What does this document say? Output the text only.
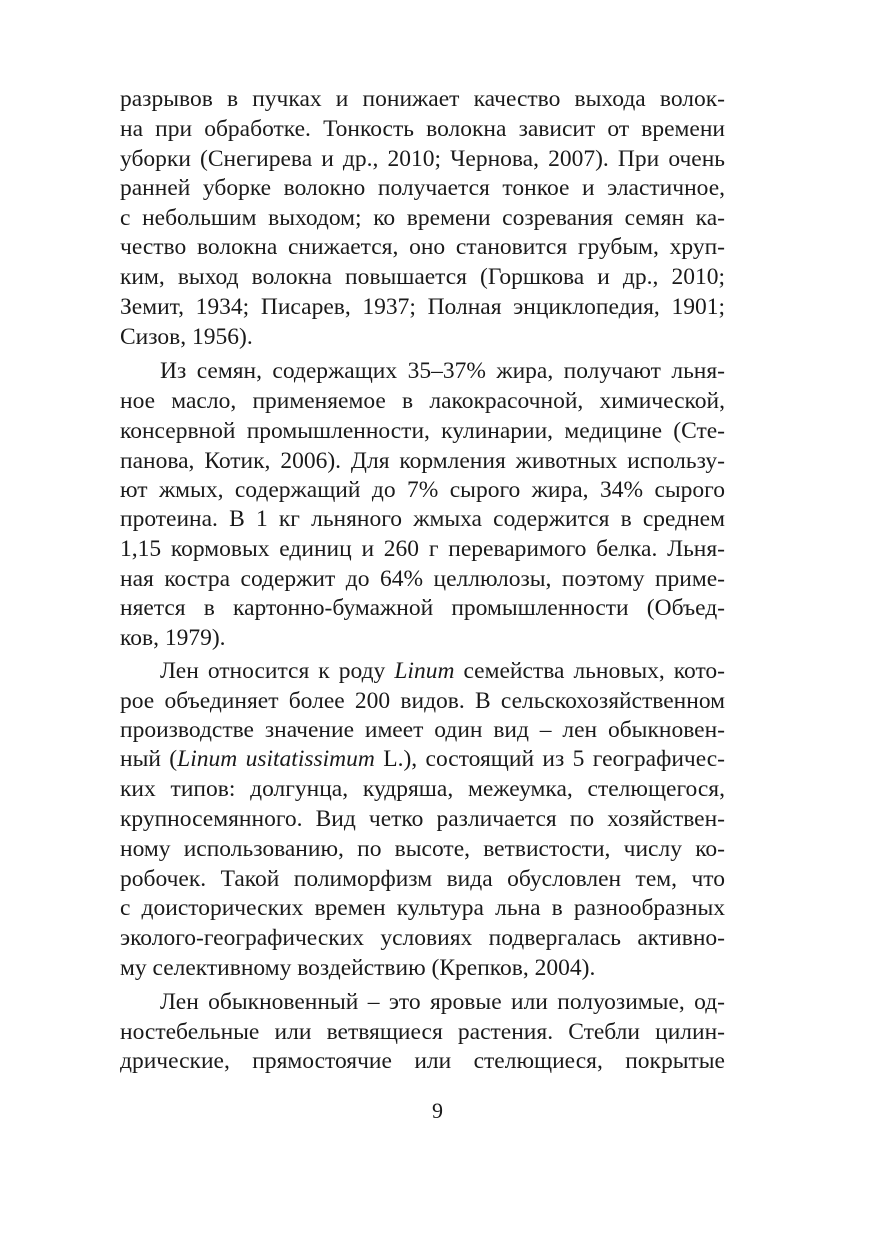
разрывов в пучках и понижает качество выхода волок-
на при обработке. Тонкость волокна зависит от времени
уборки (Снегирева и др., 2010; Чернова, 2007). При очень
ранней уборке волокно получается тонкое и эластичное,
с небольшим выходом; ко времени созревания семян ка-
чество волокна снижается, оно становится грубым, хруп-
ким, выход волокна повышается (Горшкова и др., 2010;
Земит, 1934; Писарев, 1937; Полная энциклопедия, 1901;
Сизов, 1956).
Из семян, содержащих 35–37% жира, получают льня-
ное масло, применяемое в лакокрасочной, химической,
консервной промышленности, кулинарии, медицине (Сте-
панова, Котик, 2006). Для кормления животных использу-
ют жмых, содержащий до 7% сырого жира, 34% сырого
протеина. В 1 кг льняного жмыха содержится в среднем
1,15 кормовых единиц и 260 г переваримого белка. Льня-
ная костра содержит до 64% целлюлозы, поэтому приме-
няется в картонно-бумажной промышленности (Объед-
ков, 1979).
Лен относится к роду Linum семейства льновых, кото-
рое объединяет более 200 видов. В сельскохозяйственном
производстве значение имеет один вид – лен обыкновен-
ный (Linum usitatissimum L.), состоящий из 5 географичес-
ких типов: долгунца, кудряша, межеумка, стелющегося,
крупносемянного. Вид четко различается по хозяйствен-
ному использованию, по высоте, ветвистости, числу ко-
робочек. Такой полиморфизм вида обусловлен тем, что
с доисторических времен культура льна в разнообразных
эколого-географических условиях подвергалась активно-
му селективному воздействию (Крепков, 2004).
Лен обыкновенный – это яровые или полуозимые, од-
ностебельные или ветвящиеся растения. Стебли цилин-
дрические, прямостоячие или стелющиеся, покрытые
9
